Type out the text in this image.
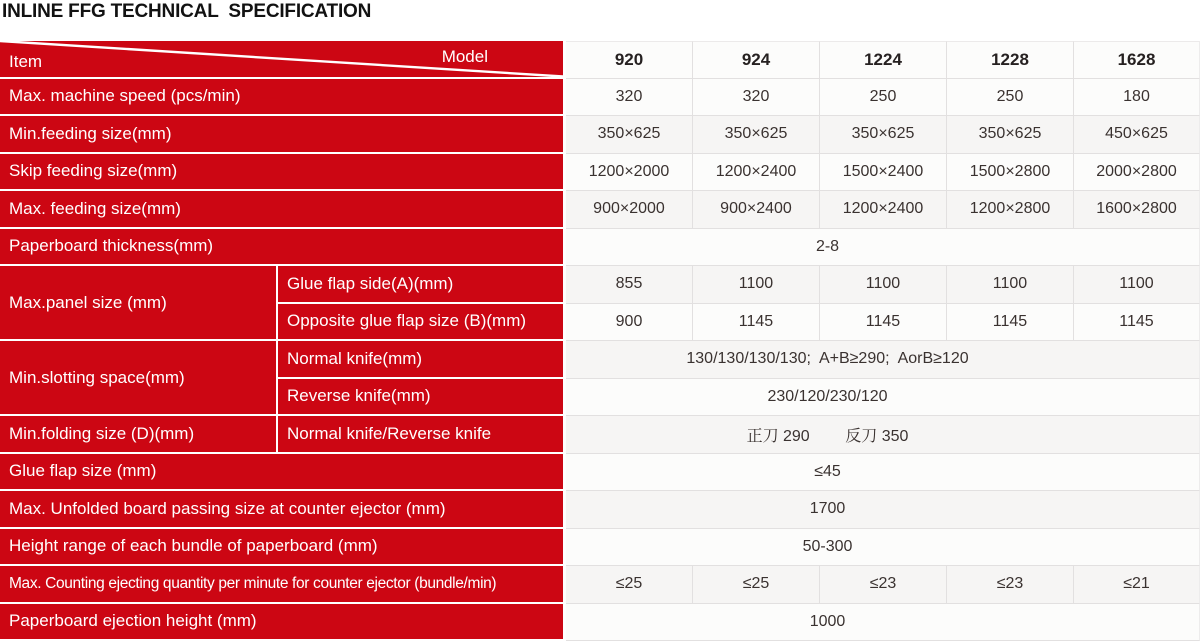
INLINE FFG TECHNICAL  SPECIFICATION
Model
Item	920	924	1224	1228	1628
Max. machine speed (pcs/min)	320	320	250	250	180
Min.feeding size(mm)	350×625	350×625	350×625	350×625	450×625
Skip feeding size(mm)	1200×2000	1200×2400	1500×2400	1500×2800	2000×2800
Max. feeding size(mm)	900×2000	900×2400	1200×2400	1200×2800	1600×2800
Paperboard thickness(mm)	2-8
Max.panel size (mm)
Glue flap side(A)(mm)	855	1100	1100	1100	1100
Opposite glue flap size (B)(mm)	900	1145	1145	1145	1145
Min.slotting space(mm)
Normal knife(mm)	130/130/130/130;  A+B≥290;  AorB≥120
Reverse knife(mm)	230/120/230/120
Min.folding size (D)(mm)	Normal knife/Reverse knife	正刀 290        反刀 350
Glue flap size (mm)	≤45
Max. Unfolded board passing size at counter ejector (mm)	1700
Height range of each bundle of paperboard (mm)	50-300
Max. Counting ejecting quantity per minute for counter ejector (bundle/min)	≤25	≤25	≤23	≤23	≤21
Paperboard ejection height (mm)	1000
